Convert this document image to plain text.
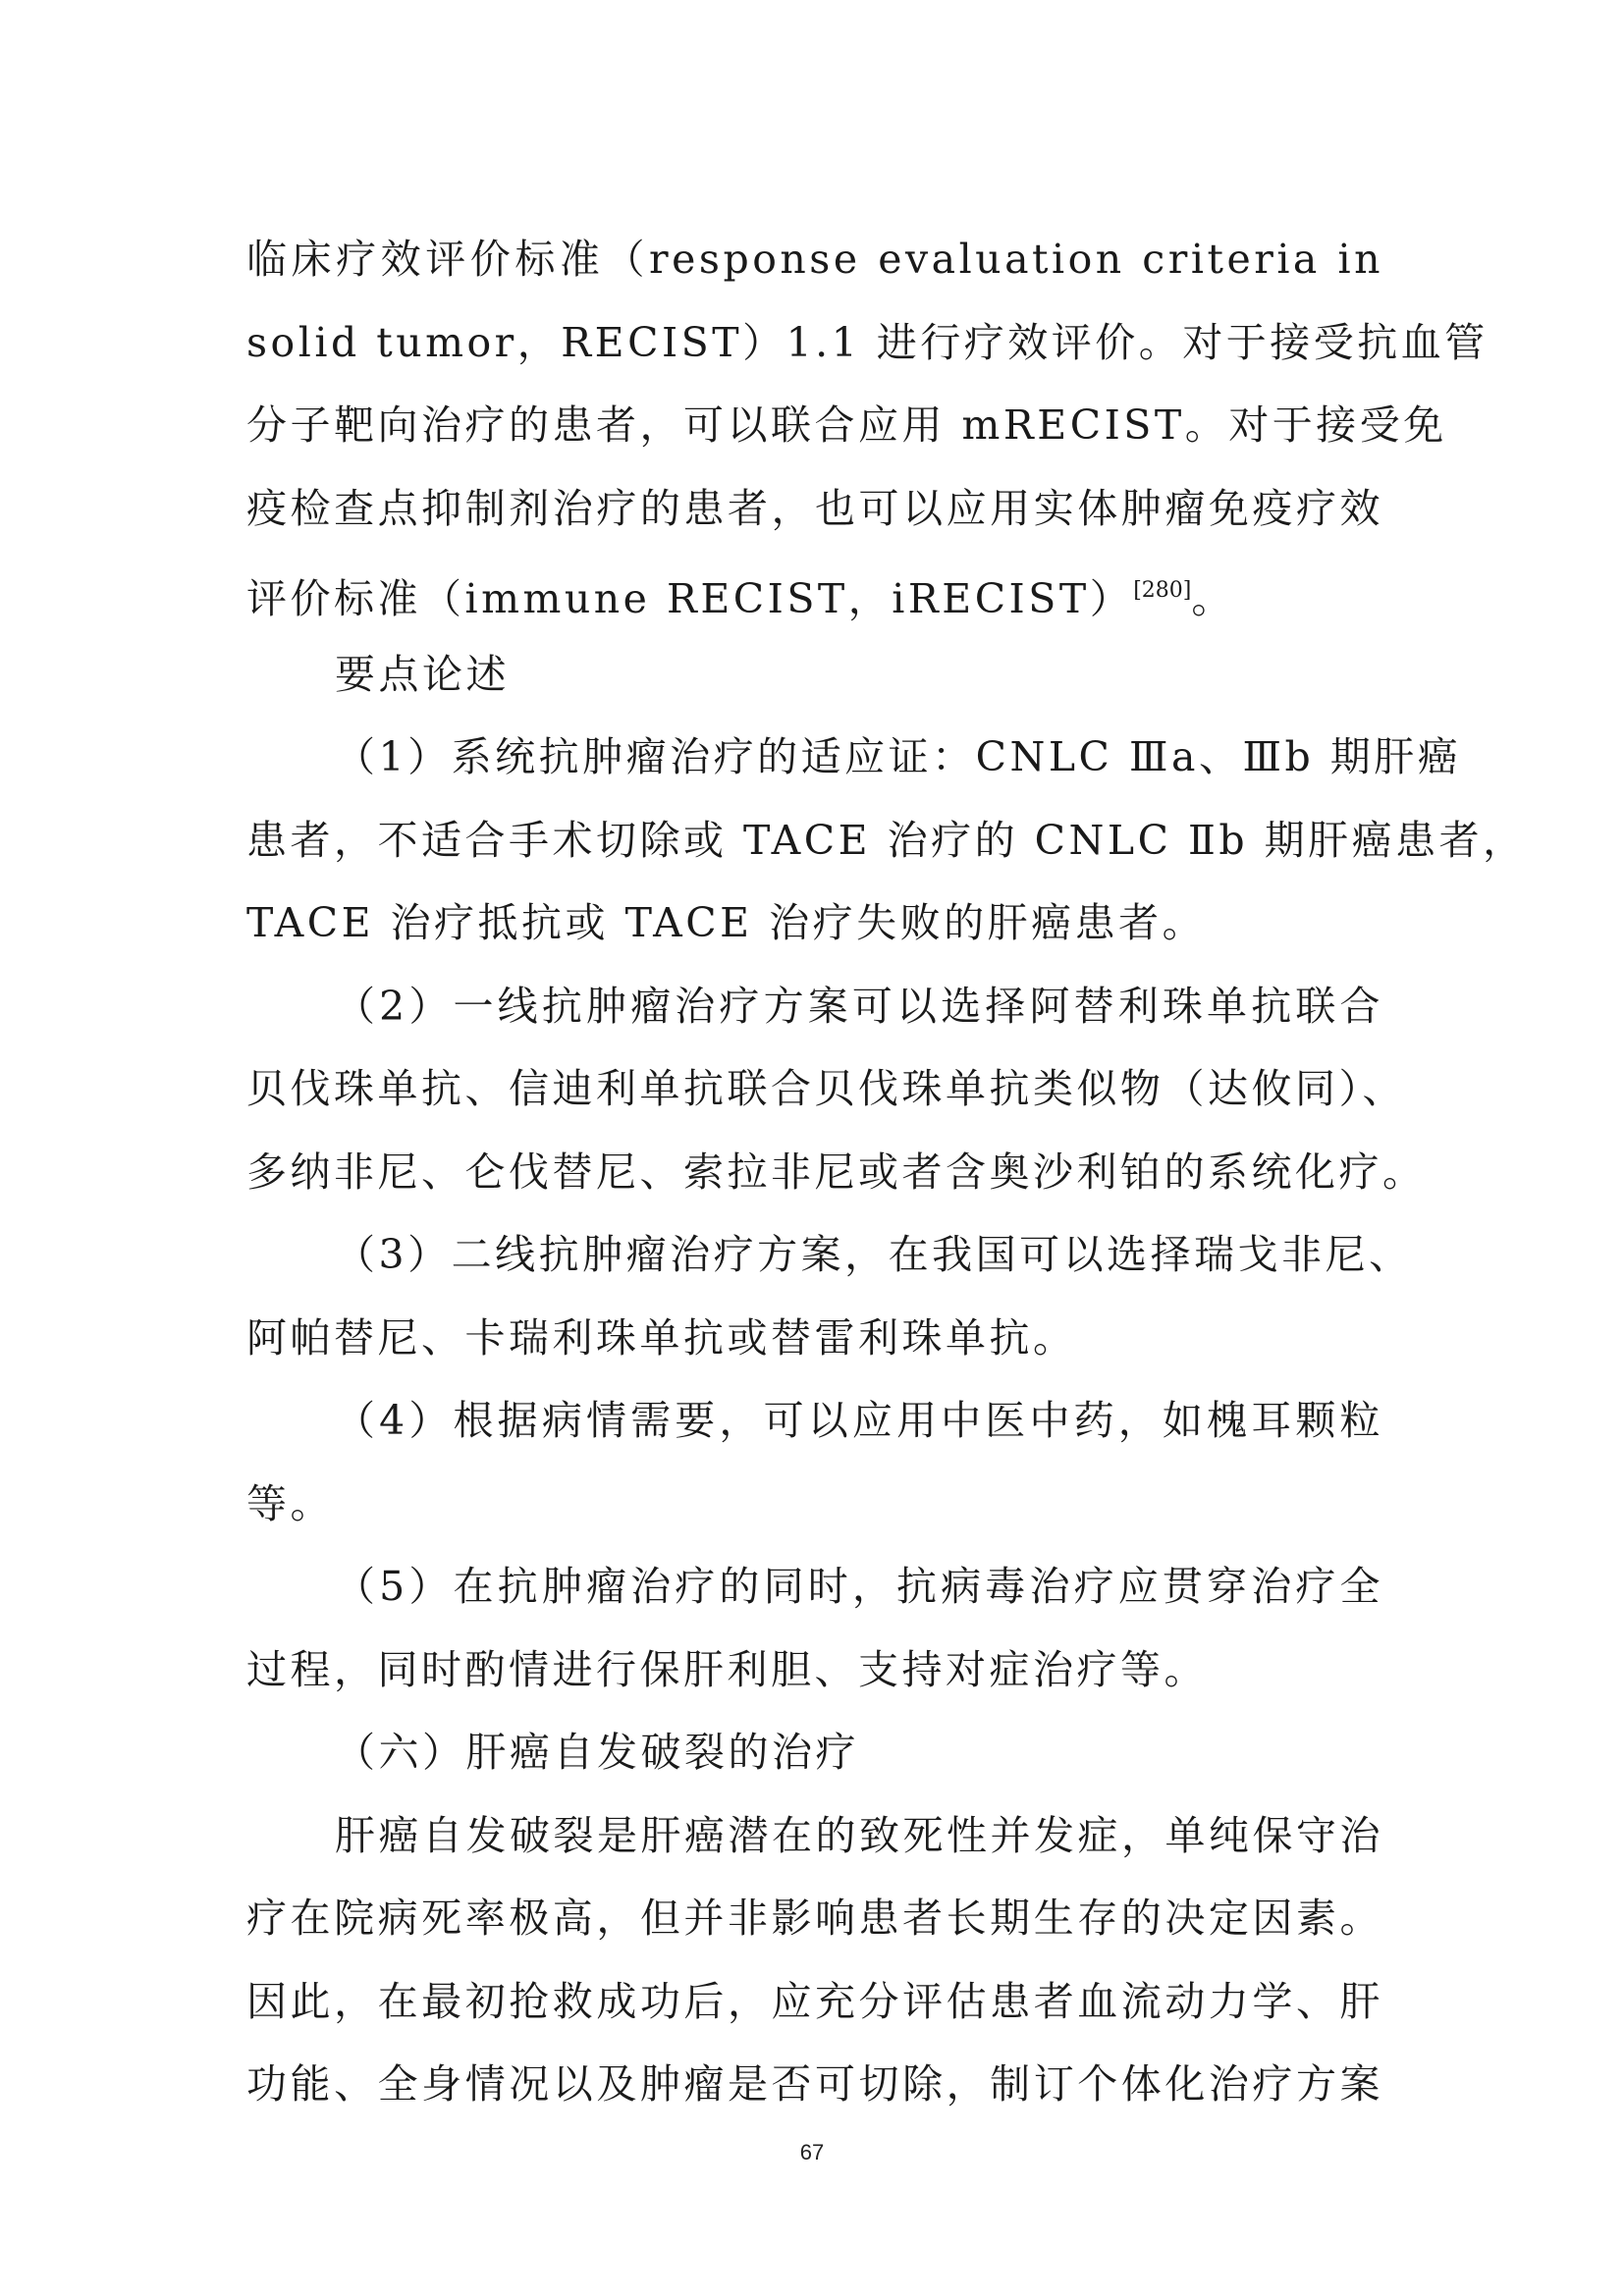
临床疗效评价标准（response evaluation criteria in
solid tumor，RECIST）1.1 进行疗效评价。对于接受抗血管
分子靶向治疗的患者，可以联合应用 mRECIST。对于接受免
疫检查点抑制剂治疗的患者，也可以应用实体肿瘤免疫疗效
评价标准（immune RECIST，iRECIST）[280]。
要点论述
（1）系统抗肿瘤治疗的适应证：CNLC Ⅲa、Ⅲb 期肝癌
患者，不适合手术切除或 TACE 治疗的 CNLC Ⅱb 期肝癌患者，
TACE 治疗抵抗或 TACE 治疗失败的肝癌患者。
（2）一线抗肿瘤治疗方案可以选择阿替利珠单抗联合
贝伐珠单抗、信迪利单抗联合贝伐珠单抗类似物（达攸同）、
多纳非尼、仑伐替尼、索拉非尼或者含奥沙利铂的系统化疗。
（3）二线抗肿瘤治疗方案，在我国可以选择瑞戈非尼、
阿帕替尼、卡瑞利珠单抗或替雷利珠单抗。
（4）根据病情需要，可以应用中医中药，如槐耳颗粒
等。
（5）在抗肿瘤治疗的同时，抗病毒治疗应贯穿治疗全
过程，同时酌情进行保肝利胆、支持对症治疗等。
（六）肝癌自发破裂的治疗
肝癌自发破裂是肝癌潜在的致死性并发症，单纯保守治
疗在院病死率极高，但并非影响患者长期生存的决定因素。
因此，在最初抢救成功后，应充分评估患者血流动力学、肝
功能、全身情况以及肿瘤是否可切除，制订个体化治疗方案
67
